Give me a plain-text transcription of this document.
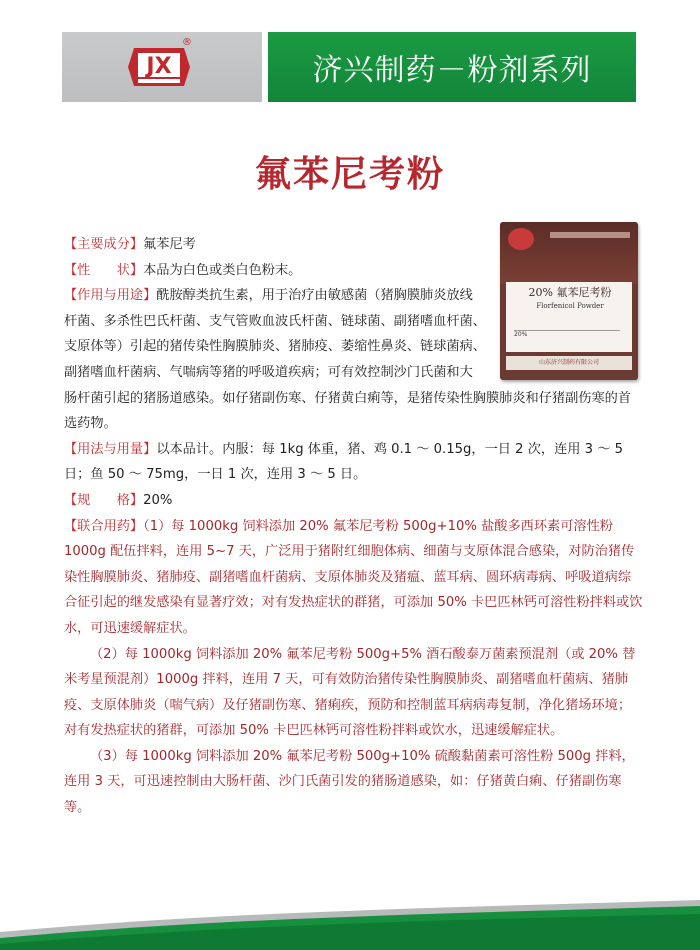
JX
®
济兴制药－粉剂系列
氟苯尼考粉
20% 氟苯尼考粉
Florfenicol Powder
20%
山东济兴制药有限公司

【主要成分】氟苯尼考

【性　　状】本品为白色或类白色粉末。

【作用与用途】酰胺醇类抗生素，用于治疗由敏感菌（猪胸膜肺炎放线
杆菌、多杀性巴氏杆菌、支气管败血波氏杆菌、链球菌、副猪嗜血杆菌、
支原体等）引起的猪传染性胸膜肺炎、猪肺疫、萎缩性鼻炎、链球菌病、
副猪嗜血杆菌病、气喘病等猪的呼吸道疾病；可有效控制沙门氏菌和大
肠杆菌引起的猪肠道感染。如仔猪副伤寒、仔猪黄白痢等，是猪传染性胸膜肺炎和仔猪副伤寒的首选药物。

【用法与用量】以本品计。内服：每 1kg 体重，猪、鸡 0.1 ～ 0.15g，一日 2 次，连用 3 ～ 5 日；鱼 50 ～ 75mg，一日 1 次，连用 3 ～ 5 日。

【规　　格】20%

【联合用药】（1）每 1000kg 饲料添加 20% 氟苯尼考粉 500g+10% 盐酸多西环素可溶性粉 1000g 配伍拌料，连用 5~7 天，广泛用于猪附红细胞体病、细菌与支原体混合感染，对防治猪传染性胸膜肺炎、猪肺疫、副猪嗜血杆菌病、支原体肺炎及猪瘟、蓝耳病、圆环病毒病、呼吸道病综合征引起的继发感染有显著疗效；对有发热症状的群猪，可添加 50% 卡巴匹林钙可溶性粉拌料或饮水，可迅速缓解症状。

（2）每 1000kg 饲料添加 20% 氟苯尼考粉 500g+5% 酒石酸泰万菌素预混剂（或 20% 替米考星预混剂）1000g 拌料，连用 7 天，可有效防治猪传染性胸膜肺炎、副猪嗜血杆菌病、猪肺疫、支原体肺炎（喘气病）及仔猪副伤寒、猪痢疾，预防和控制蓝耳病病毒复制，净化猪场环境；对有发热症状的猪群，可添加 50% 卡巴匹林钙可溶性粉拌料或饮水，迅速缓解症状。

（3）每 1000kg 饲料添加 20% 氟苯尼考粉 500g+10% 硫酸黏菌素可溶性粉 500g 拌料，连用 3 天，可迅速控制由大肠杆菌、沙门氏菌引发的猪肠道感染，如：仔猪黄白痢、仔猪副伤寒等。
